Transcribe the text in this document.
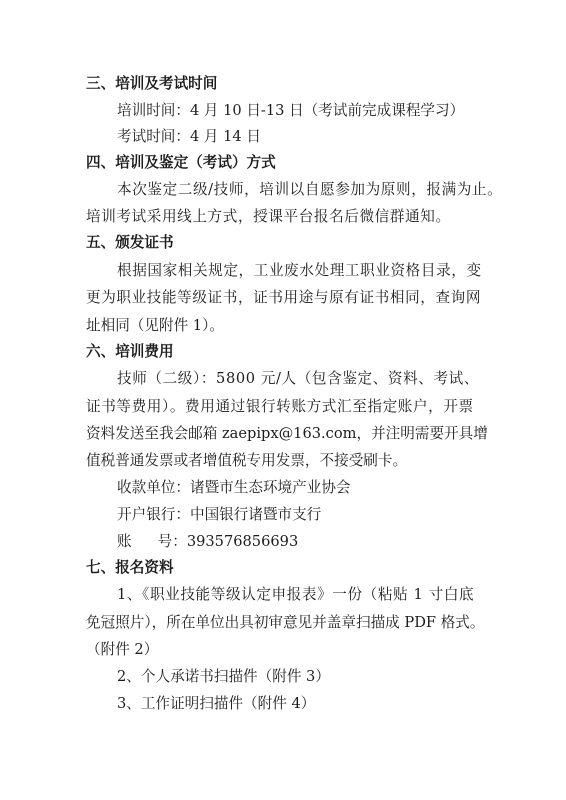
三、培训及考试时间
培训时间：4 月 10 日-13 日（考试前完成课程学习）
考试时间：4 月 14 日
四、培训及鉴定（考试）方式
本次鉴定二级/技师，培训以自愿参加为原则，报满为止。
培训考试采用线上方式，授课平台报名后微信群通知。
五、颁发证书
根据国家相关规定，工业废水处理工职业资格目录，变
更为职业技能等级证书，证书用途与原有证书相同，查询网
址相同（见附件 1）。
六、培训费用
技师（二级）：5800 元/人（包含鉴定、资料、考试、
证书等费用）。费用通过银行转账方式汇至指定账户，开票
资料发送至我会邮箱 zaepipx@163.com，并注明需要开具增
值税普通发票或者增值税专用发票，不接受刷卡。
收款单位：诸暨市生态环境产业协会
开户银行：中国银行诸暨市支行
账 号：393576856693
七、报名资料
1、《职业技能等级认定申报表》一份（粘贴 1 寸白底
免冠照片），所在单位出具初审意见并盖章扫描成 PDF 格式。
（附件 2）
2、个人承诺书扫描件（附件 3）
3、工作证明扫描件（附件 4）
